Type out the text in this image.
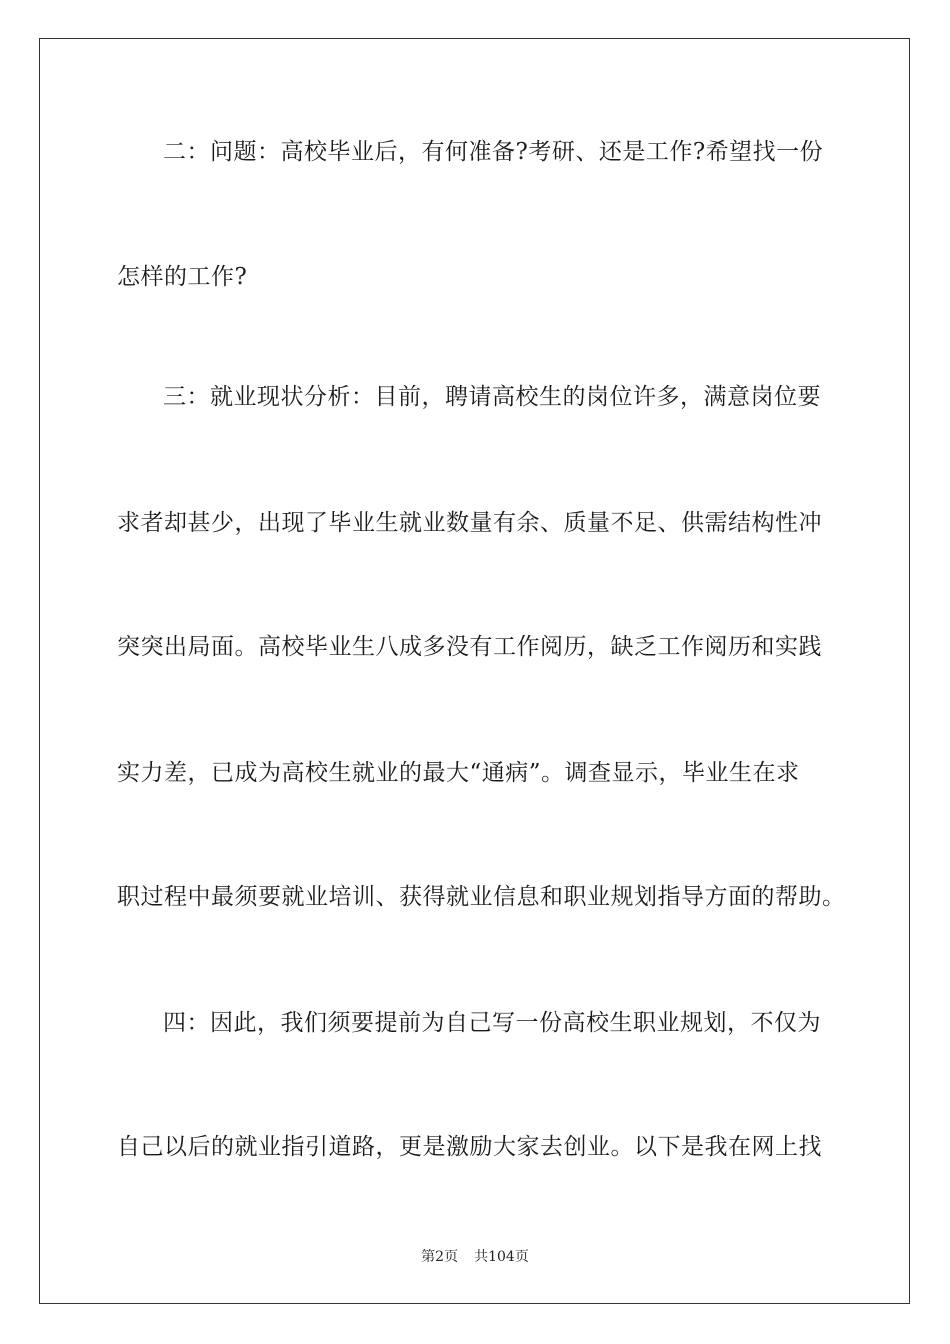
二：问题：高校毕业后，有何准备?考研、还是工作?希望找一份
怎样的工作?
三：就业现状分析：目前，聘请高校生的岗位许多，满意岗位要
求者却甚少，出现了毕业生就业数量有余、质量不足、供需结构性冲
突突出局面。高校毕业生八成多没有工作阅历，缺乏工作阅历和实践
实力差，已成为高校生就业的最大“通病”。调查显示，毕业生在求
职过程中最须要就业培训、获得就业信息和职业规划指导方面的帮助。
四：因此，我们须要提前为自己写一份高校生职业规划，不仅为
自己以后的就业指引道路，更是激励大家去创业。以下是我在网上找
第2页 共104页
